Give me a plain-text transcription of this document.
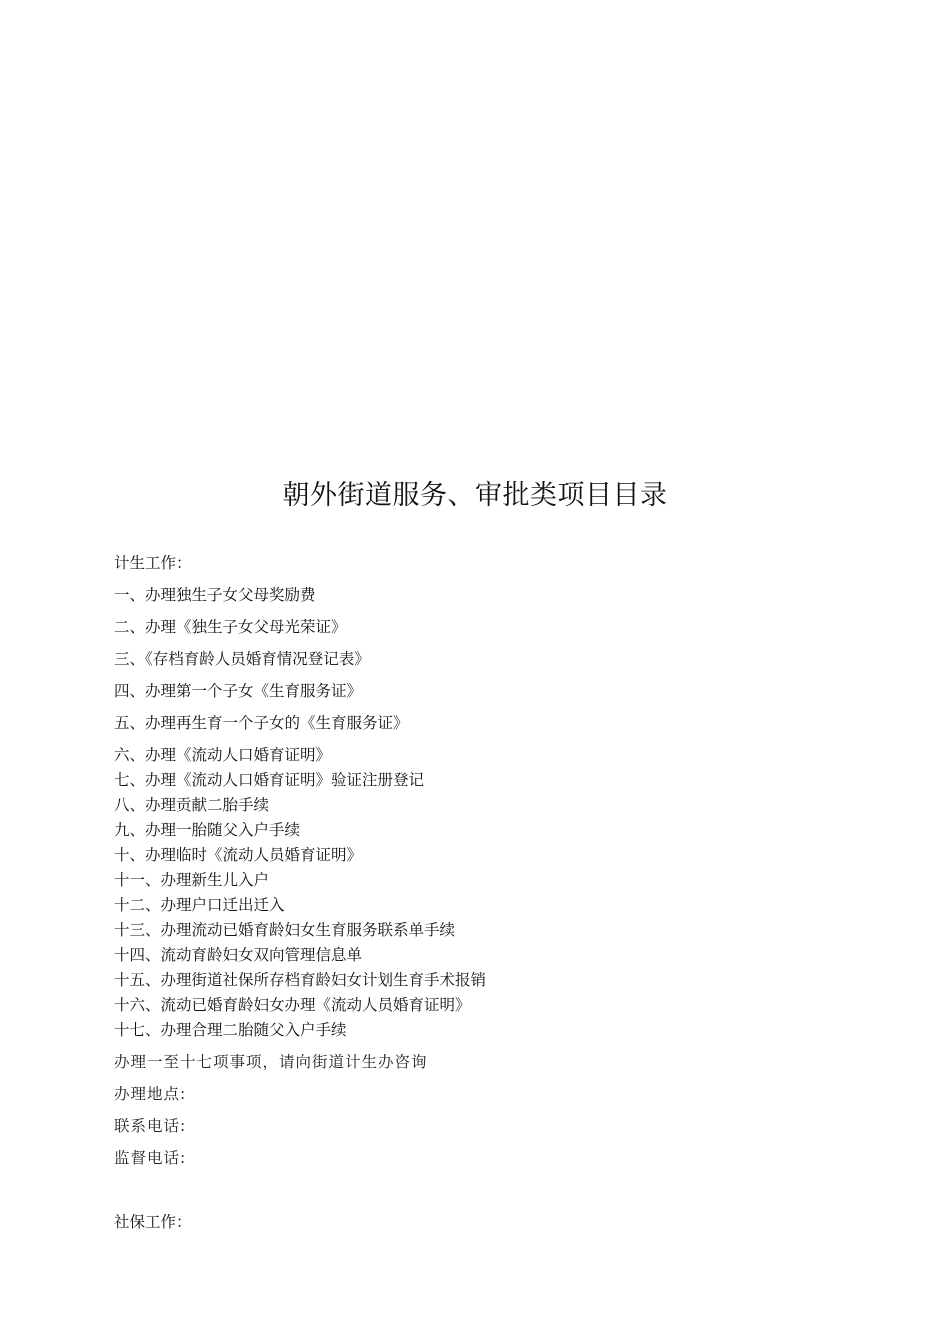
朝外街道服务、审批类项目目录
计生工作：
一、办理独生子女父母奖励费
二、办理《独生子女父母光荣证》
三、《存档育龄人员婚育情况登记表》
四、办理第一个子女《生育服务证》
五、办理再生育一个子女的《生育服务证》
六、办理《流动人口婚育证明》
七、办理《流动人口婚育证明》验证注册登记
八、办理贡献二胎手续
九、办理一胎随父入户手续
十、办理临时《流动人员婚育证明》
十一、办理新生儿入户
十二、办理户口迁出迁入
十三、办理流动已婚育龄妇女生育服务联系单手续
十四、流动育龄妇女双向管理信息单
十五、办理街道社保所存档育龄妇女计划生育手术报销
十六、流动已婚育龄妇女办理《流动人员婚育证明》
十七、办理合理二胎随父入户手续
办理一至十七项事项，请向街道计生办咨询
办理地点:
联系电话:
监督电话:
社保工作：
